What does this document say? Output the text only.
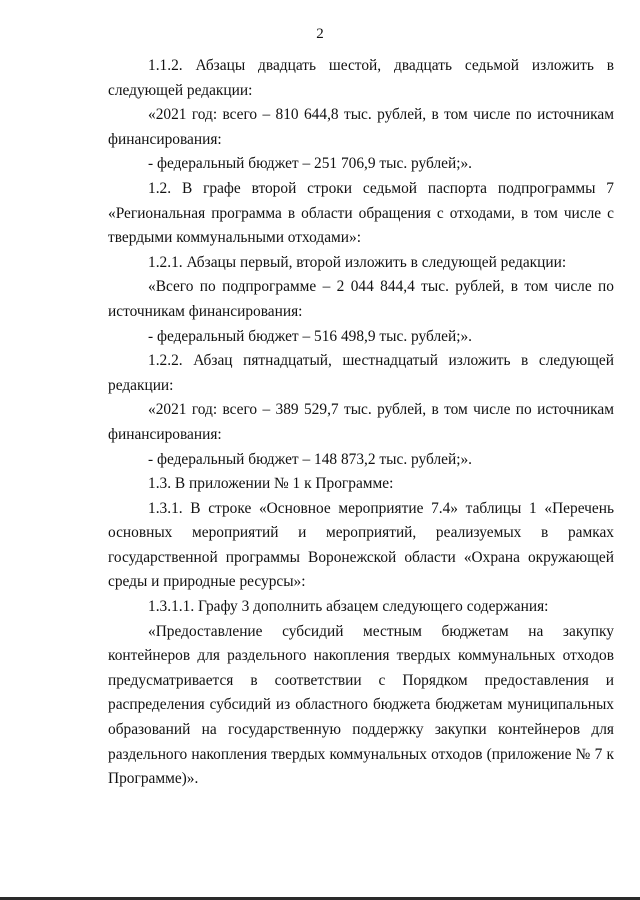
2

1.1.2. Абзацы двадцать шестой, двадцать седьмой изложить в следующей редакции:

«2021 год: всего – 810 644,8 тыс. рублей, в том числе по источникам финансирования:

- федеральный бюджет – 251 706,9 тыс. рублей;».

1.2. В графе второй строки седьмой паспорта подпрограммы 7 «Региональная программа в области обращения с отходами, в том числе с твердыми коммунальными отходами»:

1.2.1. Абзацы первый, второй изложить в следующей редакции:

«Всего по подпрограмме – 2 044 844,4 тыс. рублей, в том числе по источникам финансирования:

- федеральный бюджет – 516 498,9 тыс. рублей;».

1.2.2. Абзац пятнадцатый, шестнадцатый изложить в следующей редакции:

«2021 год: всего – 389 529,7 тыс. рублей, в том числе по источникам финансирования:

- федеральный бюджет – 148 873,2 тыс. рублей;».

1.3. В приложении № 1 к Программе:

1.3.1. В строке «Основное мероприятие 7.4» таблицы 1 «Перечень основных мероприятий и мероприятий, реализуемых в рамках государственной программы Воронежской области «Охрана окружающей среды и природные ресурсы»:

1.3.1.1. Графу 3 дополнить абзацем следующего содержания:

«Предоставление субсидий местным бюджетам на закупку контейнеров для раздельного накопления твердых коммунальных отходов предусматривается в соответствии с Порядком предоставления и распределения субсидий из областного бюджета бюджетам муниципальных образований на государственную поддержку закупки контейнеров для раздельного накопления твердых коммунальных отходов (приложение № 7 к Программе)».
